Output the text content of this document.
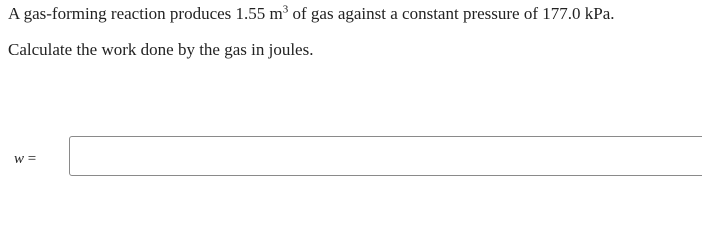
A gas-forming reaction produces 1.55 $m^3$ of gas against a constant pressure of 177.0 kPa.
Calculate the work done by the gas in joules.
w =
